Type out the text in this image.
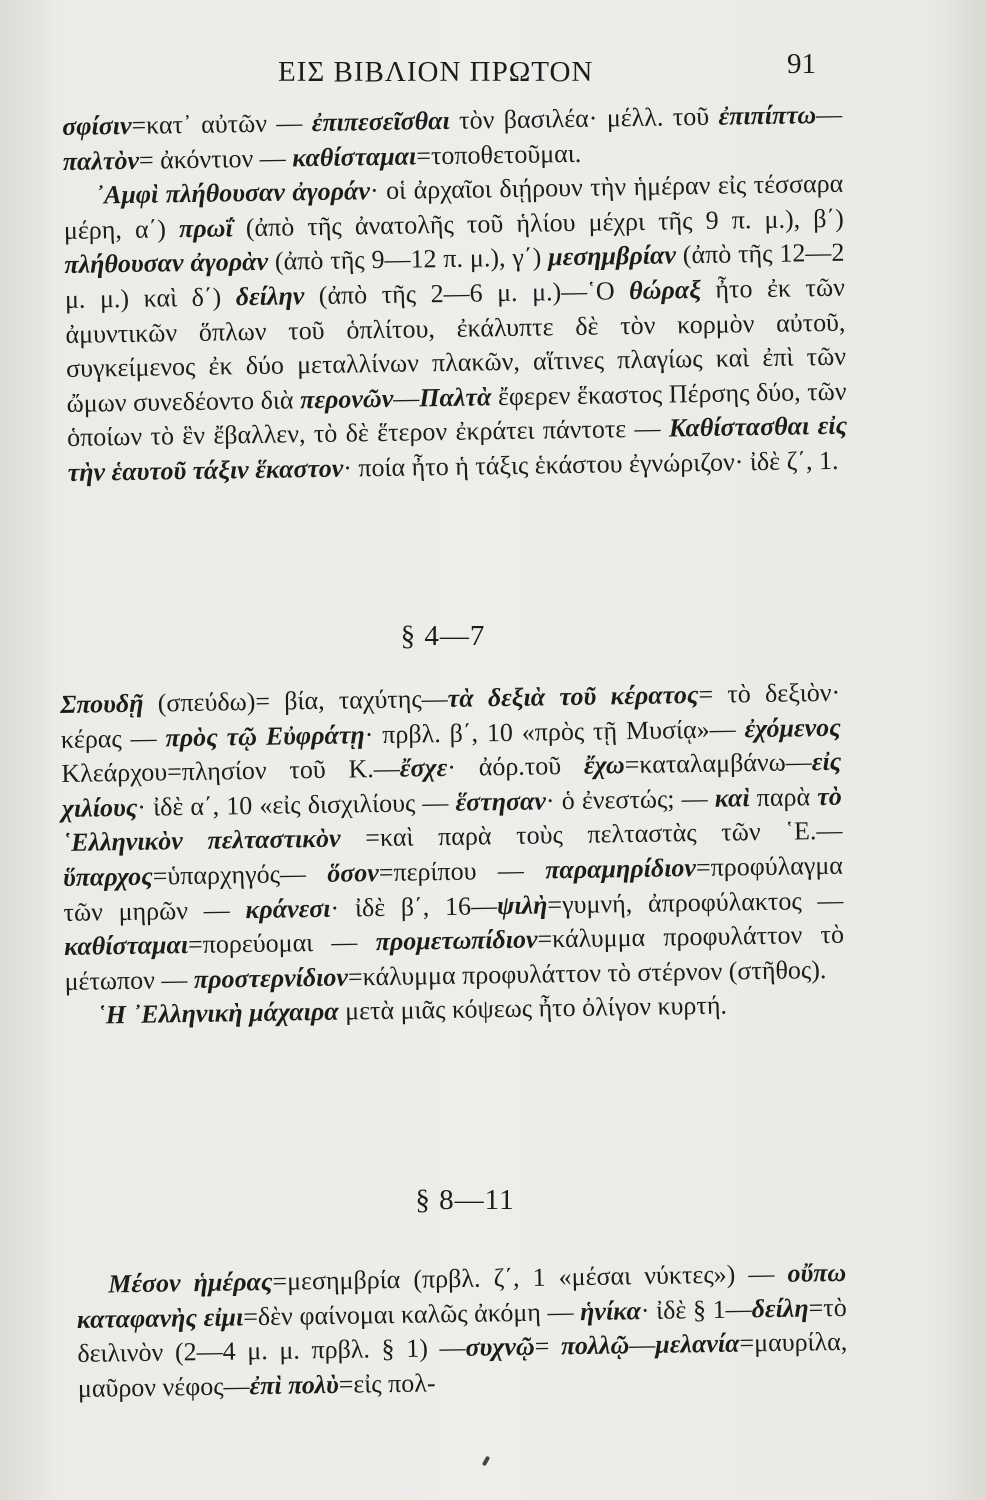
ΕΙΣ ΒΙΒΛΙΟΝ ΠΡΩΤΟΝ	91

σφίσιν=κατ᾽ αὐτῶν — ἐπιπεσεῖσθαι τὸν βασιλέα· μέλλ. τοῦ ἐπιπίπτω—παλτὸν= ἀκόντιον — καθίσταμαι=τοποθετοῦμαι.

᾽Αμφὶ πλήθουσαν ἀγοράν· οἱ ἀρχαῖοι διῄρουν τὴν ἡμέραν εἰς τέσσαρα μέρη, α΄) πρωΐ (ἀπὸ τῆς ἀνατολῆς τοῦ ἡλίου μέχρι τῆς 9 π. μ.), β΄) πλήθουσαν ἀγορὰν (ἀπὸ τῆς 9—12 π. μ.), γ΄) μεσημβρίαν (ἀπὸ τῆς 12—2 μ. μ.) καὶ δ΄) δείλην (ἀπὸ τῆς 2—6 μ. μ.)—῾Ο θώραξ ἦτο ἐκ τῶν ἀμυντικῶν ὅπλων τοῦ ὁπλίτου, ἐκάλυπτε δὲ τὸν κορμὸν αὐτοῦ, συγκείμενος ἐκ δύο μεταλλίνων πλακῶν, αἵτινες πλαγίως καὶ ἐπὶ τῶν ὤμων συνεδέοντο διὰ περονῶν—Παλτὰ ἔφερεν ἕκαστος Πέρσης δύο, τῶν ὁποίων τὸ ἓν ἔβαλλεν, τὸ δὲ ἕτερον ἐκράτει πάντοτε — Καθίστασθαι εἰς τὴν ἑαυτοῦ τάξιν ἕκαστον· ποία ἦτο ἡ τάξις ἑκάστου ἐγνώριζον· ἰδὲ ζ΄, 1.

§ 4—7

Σπουδῇ (σπεύδω)= βία, ταχύτης—τὰ δεξιὰ τοῦ κέρατος= τὸ δεξιὸν· κέρας — πρὸς τῷ Εὐφράτῃ· πρβλ. β΄, 10 «πρὸς τῇ Μυσίᾳ»— ἐχόμενος Κλεάρχου=πλησίον τοῦ Κ.—ἔσχε· ἀόρ.τοῦ ἔχω=καταλαμβάνω—εἰς χιλίους· ἰδὲ α΄, 10 «εἰς δισχιλίους — ἕστησαν· ὁ ἐνεστώς; — καὶ παρὰ τὸ ῾Ελληνικὸν πελταστικὸν =καὶ παρὰ τοὺς πελταστὰς τῶν ῾Ε.—ὕπαρχος=ὑπαρχηγός— ὅσον=περίπου — παραμηρίδιον=προφύλαγμα τῶν μηρῶν — κράνεσι· ἰδὲ β΄, 16—ψιλὴ=γυμνή, ἀπροφύλακτος — καθίσταμαι=πορεύομαι — προμετωπίδιον=κάλυμμα προφυλάττον τὸ μέτωπον — προστερνίδιον=κάλυμμα προφυλάττον τὸ στέρνον (στῆθος).

῾Η ᾽Ελληνικὴ μάχαιρα μετὰ μιᾶς κόψεως ἦτο ὀλίγον κυρτή.

§ 8—11

Μέσον ἡμέρας=μεσημβρία (πρβλ. ζ΄, 1 «μέσαι νύκτες») — οὔπω καταφανὴς εἰμι=δὲν φαίνομαι καλῶς ἀκόμη — ἡνίκα· ἰδὲ § 1—δείλη=τὸ δειλινὸν (2—4 μ. μ. πρβλ. § 1) —συχνῷ= πολλῷ—μελανία=μαυρίλα, μαῦρον νέφος—ἐπὶ πολὺ=εἰς πολ-
